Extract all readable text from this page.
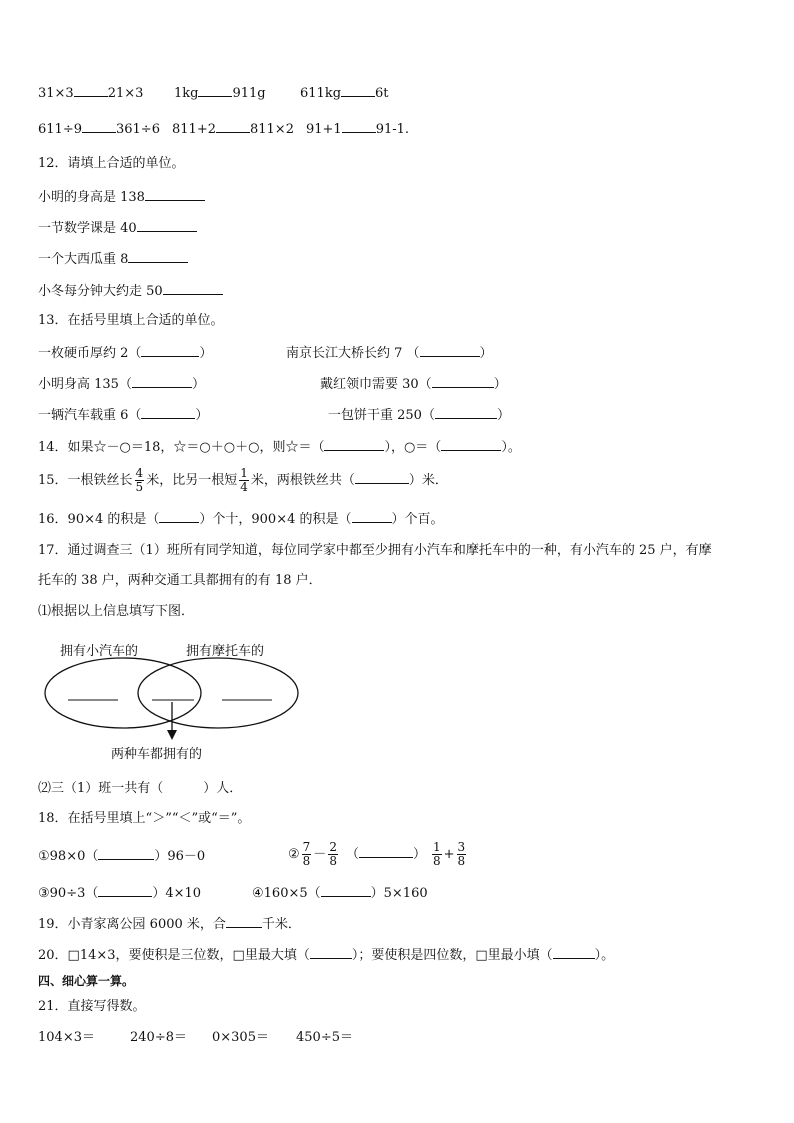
31×3	21×3 1kg	911g	611kg	6t
611÷9	361÷6 811+2	811×2 91+1	91-1.
12．请填上合适的单位。
小明的身高是 138
一节数学课是 40
一个大西瓜重 8
小冬每分钟大约走 50
13．在括号里填上合适的单位。
一枚硬币厚约 2（	）	南京长江大桥长约 7 （	）
小明身高 135（	）	戴红领巾需要 30（	）
一辆汽车载重 6（	）	一包饼干重 250（	）
14．如果☆－○＝18，☆＝○＋○＋○，则☆＝（	），○＝（	）。
15．一根铁丝长 $\frac{4}{5}$ 米，比另一根短 $\frac{1}{4}$ 米，两根铁丝共（	）米．
16．90×4 的积是（	）个十，900×4 的积是（	）个百。
17．通过调查三（1）班所有同学知道，每位同学家中都至少拥有小汽车和摩托车中的一种，有小汽车的 25 户，有摩
托车的 38 户，两种交通工具都拥有的有 18 户．
⑴根据以上信息填写下图．
拥有小汽车的	拥有摩托车的
两种车都拥有的
⑵三（1）班一共有（	）人．
18．在括号里填上“＞”“＜”或“＝”。
①98×0（	）96－0	② $\frac{7}{8} - \frac{2}{8}$ （	） $\frac{1}{8} + \frac{3}{8}$
③90÷3（	）4×10	④160×5（	）5×160
19．小青家离公园 6000 米，合	千米．
20．□14×3，要使积是三位数，□里最大填（	）；要使积是四位数，□里最小填（	）。
四、细心算一算。
21．直接写得数。
104×3＝	240÷8＝ 0×305＝ 450÷5＝
